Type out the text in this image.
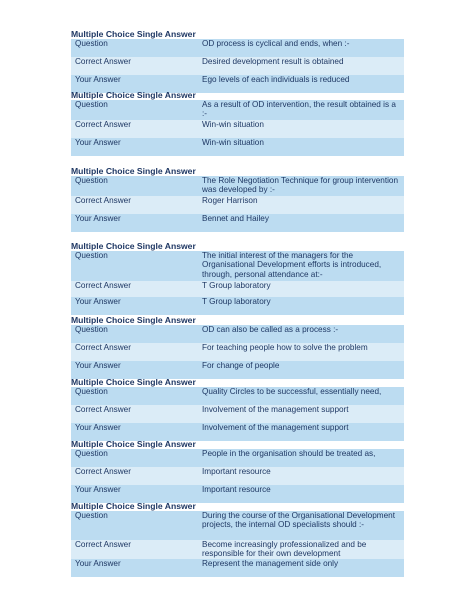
Multiple Choice Single Answer
Question	OD process is cyclical and ends, when :-
Correct Answer	Desired development result is obtained
Your Answer	Ego levels of each individuals is reduced
Multiple Choice Single Answer
Question	As a result of OD intervention, the result obtained is a :-
Correct Answer	Win-win situation
Your Answer	Win-win situation
Multiple Choice Single Answer
Question	The Role Negotiation Technique for group intervention was developed by :-
Correct Answer	Roger Harrison
Your Answer	Bennet and Hailey
Multiple Choice Single Answer
Question	The initial interest of the managers for the Organisational Development efforts is introduced, through, personal attendance at:-
Correct Answer	T Group laboratory
Your Answer	T Group laboratory
Multiple Choice Single Answer
Question	OD can also be called as a process :-
Correct Answer	For teaching people how to solve the problem
Your Answer	For change of people
Multiple Choice Single Answer
Question	Quality Circles to be successful, essentially need,
Correct Answer	Involvement of the management support
Your Answer	Involvement of the management support
Multiple Choice Single Answer
Question	People in the organisation should be treated as,
Correct Answer	Important resource
Your Answer	Important resource
Multiple Choice Single Answer
Question	During the course of the Organisational Development projects, the internal OD specialists should :-
Correct Answer	Become increasingly professionalized and be responsible for their own development
Your Answer	Represent the management side only
